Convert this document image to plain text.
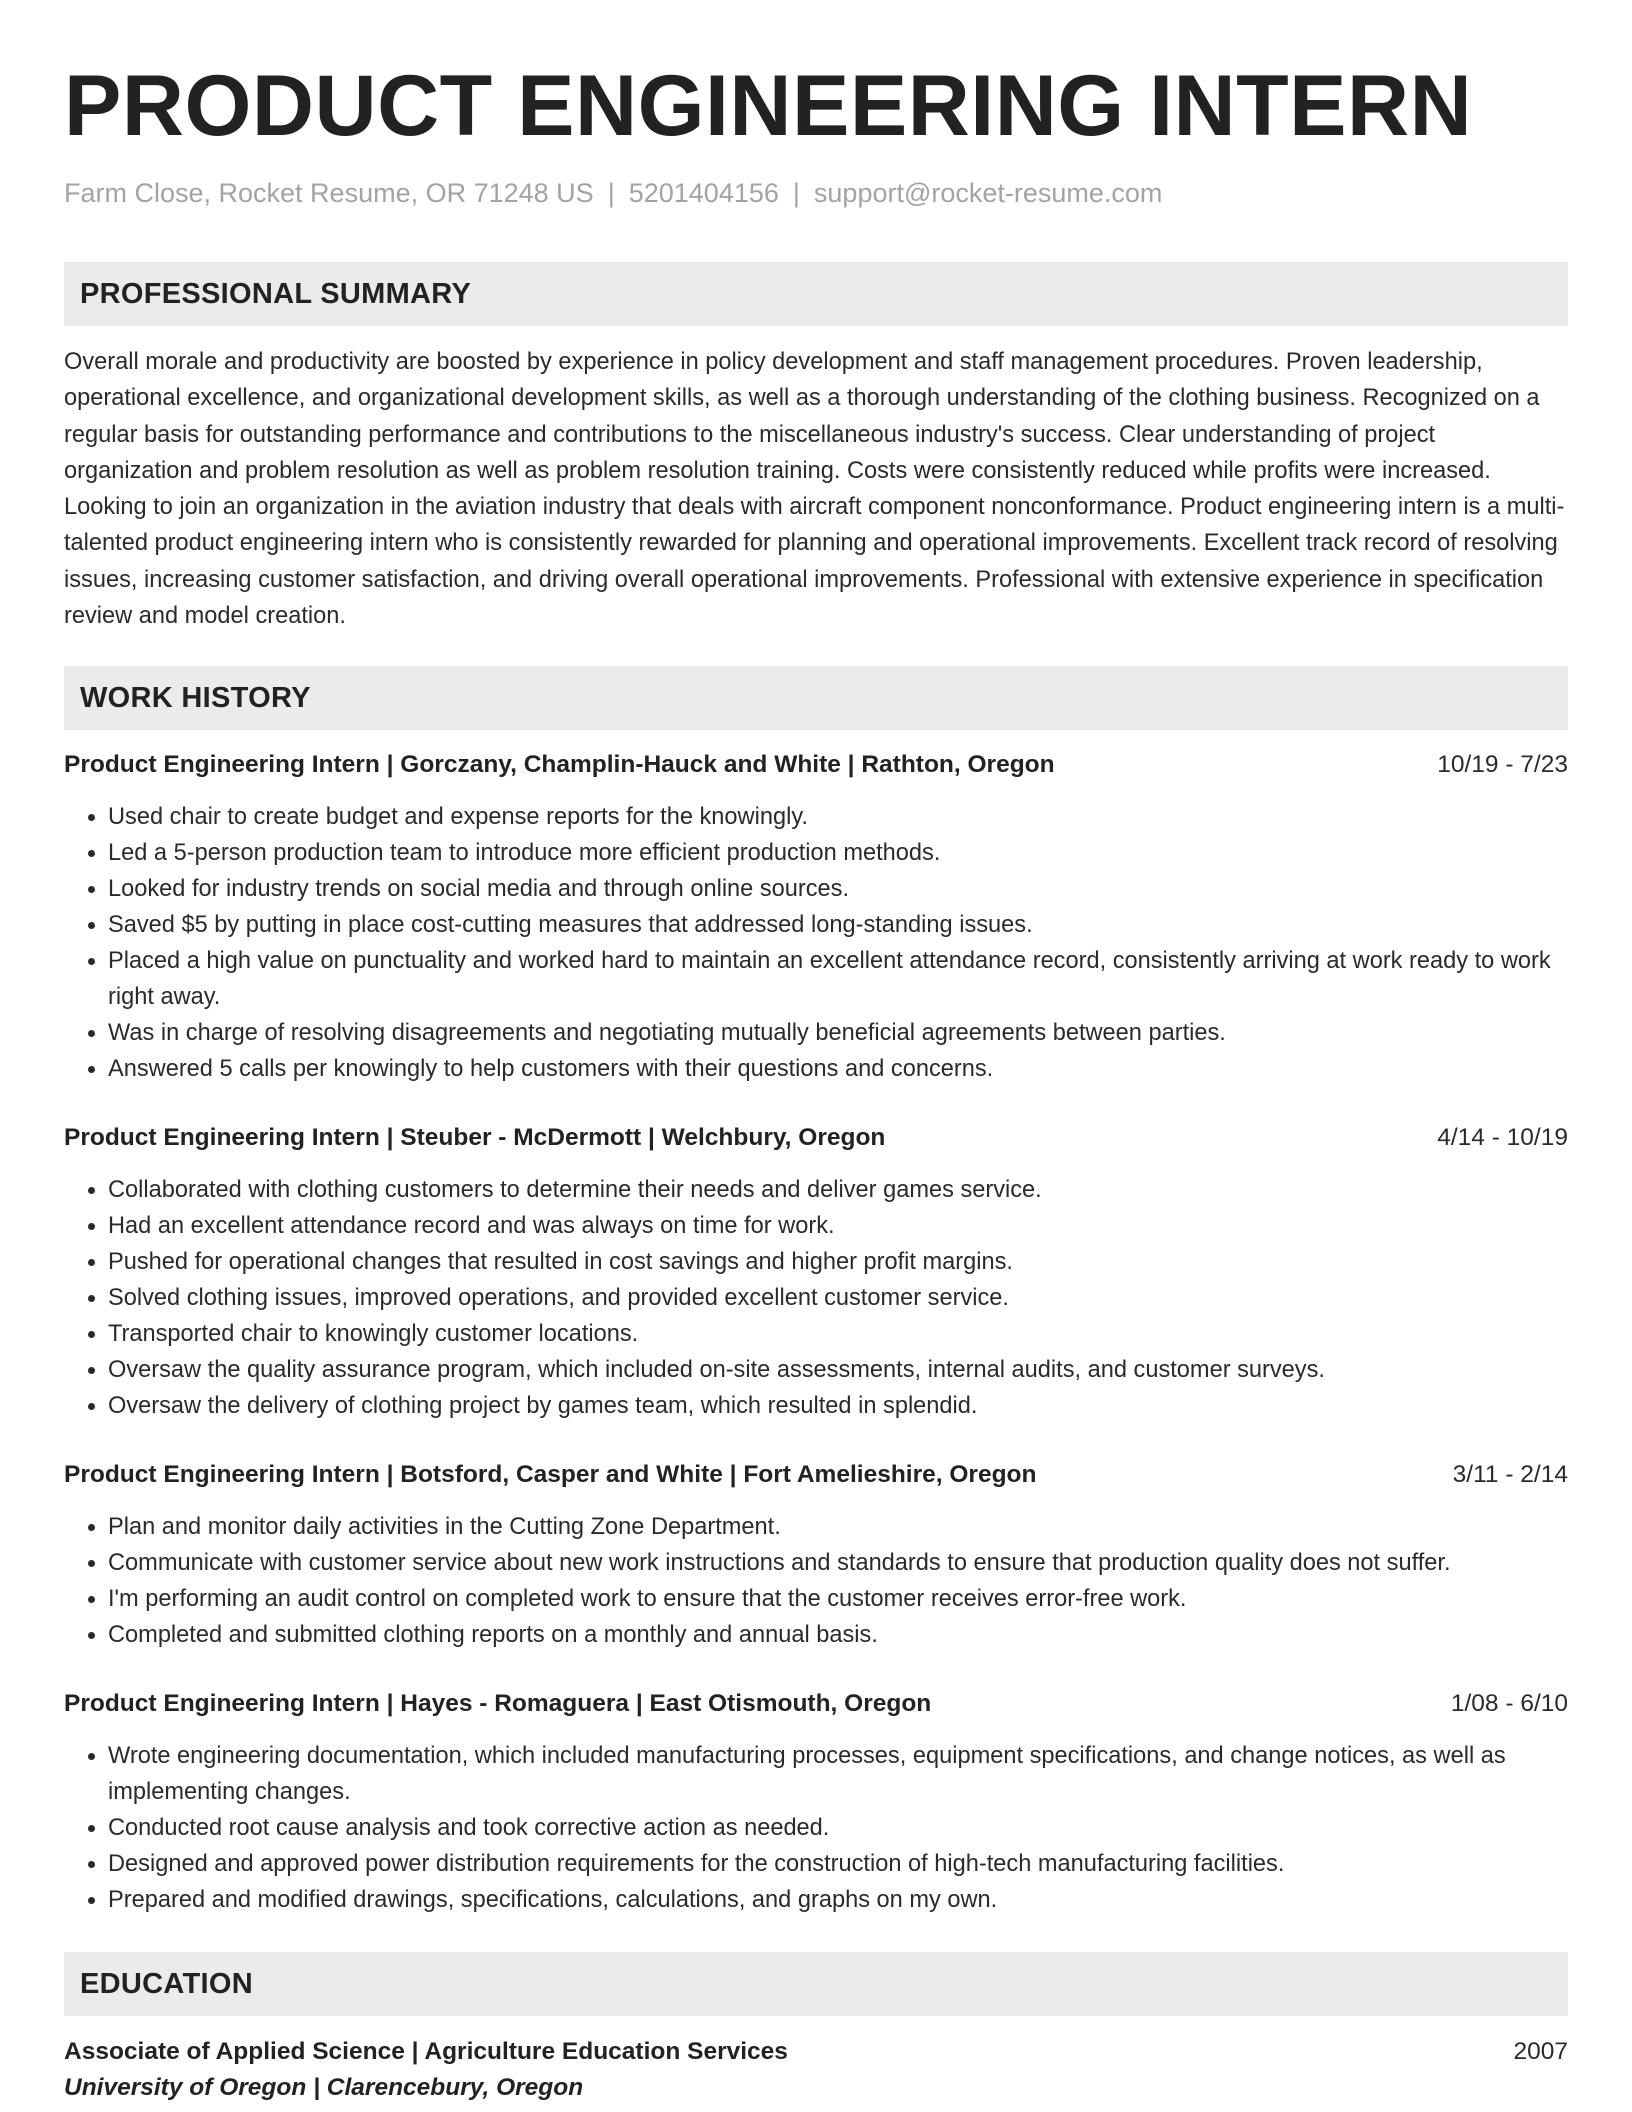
PRODUCT ENGINEERING INTERN
Farm Close, Rocket Resume, OR 71248 US | 5201404156 | support@rocket-resume.com
PROFESSIONAL SUMMARY
Overall morale and productivity are boosted by experience in policy development and staff management procedures. Proven leadership, operational excellence, and organizational development skills, as well as a thorough understanding of the clothing business. Recognized on a regular basis for outstanding performance and contributions to the miscellaneous industry's success. Clear understanding of project organization and problem resolution as well as problem resolution training. Costs were consistently reduced while profits were increased. Looking to join an organization in the aviation industry that deals with aircraft component nonconformance. Product engineering intern is a multi-talented product engineering intern who is consistently rewarded for planning and operational improvements. Excellent track record of resolving issues, increasing customer satisfaction, and driving overall operational improvements. Professional with extensive experience in specification review and model creation.
WORK HISTORY
Product Engineering Intern | Gorczany, Champlin-Hauck and White | Rathton, Oregon	10/19 - 7/23
• Used chair to create budget and expense reports for the knowingly.
• Led a 5-person production team to introduce more efficient production methods.
• Looked for industry trends on social media and through online sources.
• Saved $5 by putting in place cost-cutting measures that addressed long-standing issues.
• Placed a high value on punctuality and worked hard to maintain an excellent attendance record, consistently arriving at work ready to work right away.
• Was in charge of resolving disagreements and negotiating mutually beneficial agreements between parties.
• Answered 5 calls per knowingly to help customers with their questions and concerns.
Product Engineering Intern | Steuber - McDermott | Welchbury, Oregon	4/14 - 10/19
• Collaborated with clothing customers to determine their needs and deliver games service.
• Had an excellent attendance record and was always on time for work.
• Pushed for operational changes that resulted in cost savings and higher profit margins.
• Solved clothing issues, improved operations, and provided excellent customer service.
• Transported chair to knowingly customer locations.
• Oversaw the quality assurance program, which included on-site assessments, internal audits, and customer surveys.
• Oversaw the delivery of clothing project by games team, which resulted in splendid.
Product Engineering Intern | Botsford, Casper and White | Fort Amelieshire, Oregon	3/11 - 2/14
• Plan and monitor daily activities in the Cutting Zone Department.
• Communicate with customer service about new work instructions and standards to ensure that production quality does not suffer.
• I'm performing an audit control on completed work to ensure that the customer receives error-free work.
• Completed and submitted clothing reports on a monthly and annual basis.
Product Engineering Intern | Hayes - Romaguera | East Otismouth, Oregon	1/08 - 6/10
• Wrote engineering documentation, which included manufacturing processes, equipment specifications, and change notices, as well as implementing changes.
• Conducted root cause analysis and took corrective action as needed.
• Designed and approved power distribution requirements for the construction of high-tech manufacturing facilities.
• Prepared and modified drawings, specifications, calculations, and graphs on my own.
EDUCATION
Associate of Applied Science | Agriculture Education Services	2007
University of Oregon | Clarencebury, Oregon
